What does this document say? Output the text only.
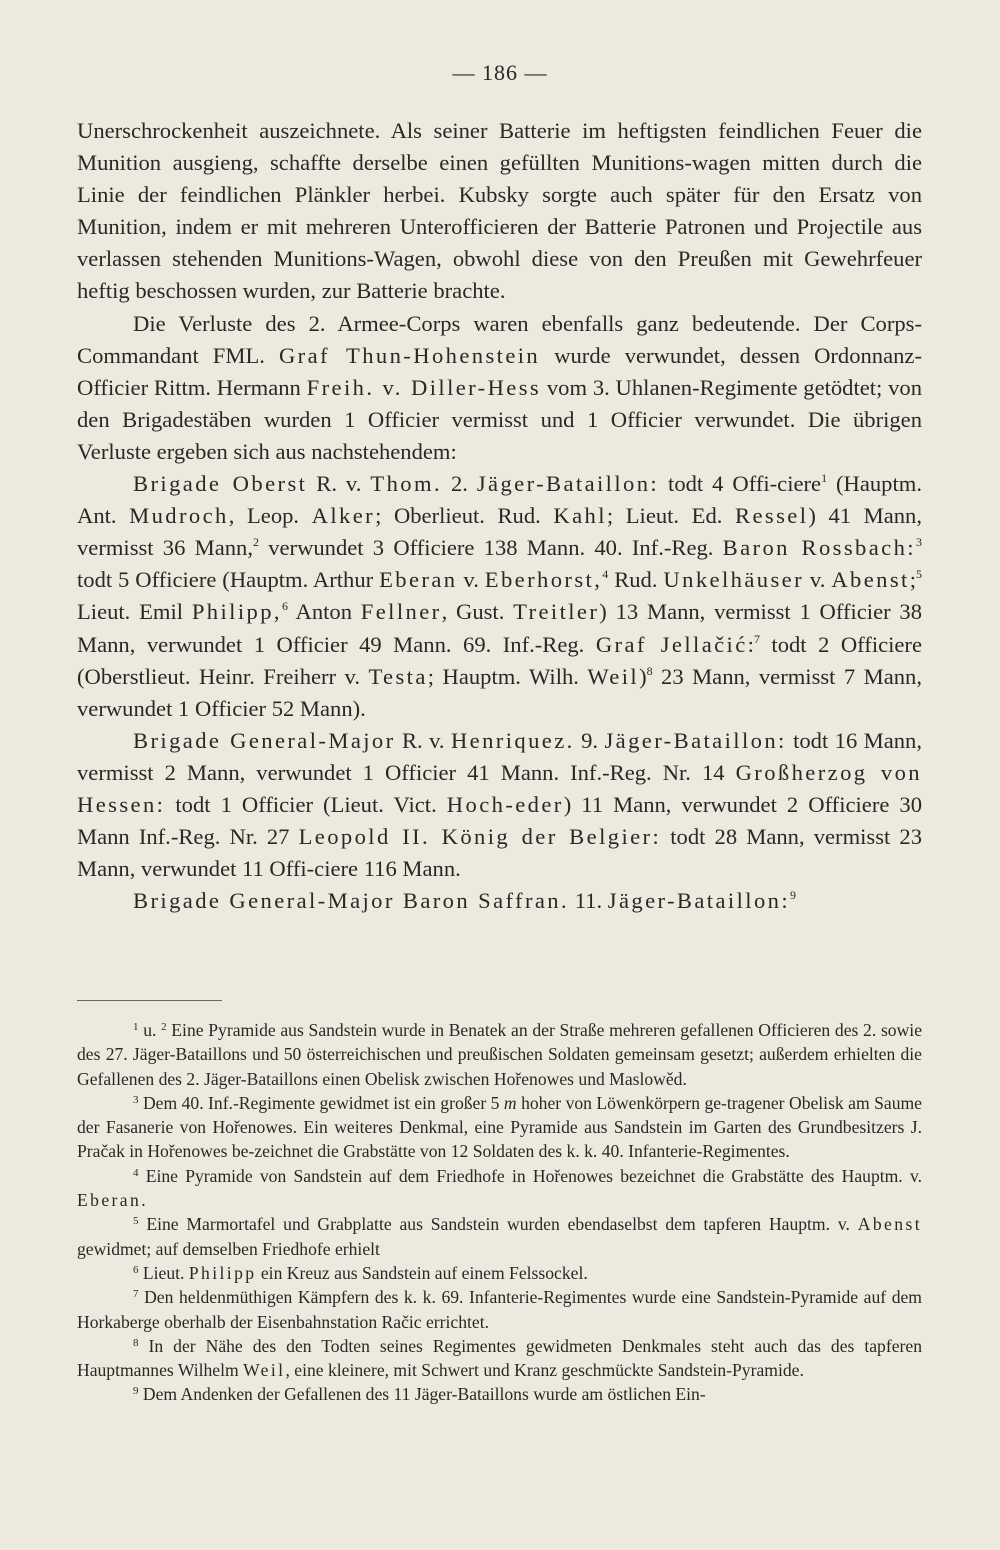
— 186 —

Unerschrockenheit auszeichnete. Als seiner Batterie im heftigsten feindlichen Feuer die Munition ausgieng, schaffte derselbe einen gefüllten Munitions-wagen mitten durch die Linie der feindlichen Plänkler herbei. Kubsky sorgte auch später für den Ersatz von Munition, indem er mit mehreren Unterofficieren der Batterie Patronen und Projectile aus verlassen stehenden Munitions-Wagen, obwohl diese von den Preußen mit Gewehrfeuer heftig beschossen wurden, zur Batterie brachte.

Die Verluste des 2. Armee-Corps waren ebenfalls ganz bedeutende. Der Corps-Commandant FML. Graf Thun-Hohenstein wurde verwundet, dessen Ordonnanz-Officier Rittm. Hermann Freih. v. Diller-Hess vom 3. Uhlanen-Regimente getödtet; von den Brigadestäben wurden 1 Officier vermisst und 1 Officier verwundet. Die übrigen Verluste ergeben sich aus nachstehendem:

Brigade Oberst R. v. Thom. 2. Jäger-Bataillon: todt 4 Offi-ciere$^1$ (Hauptm. Ant. Mudroch, Leop. Alker; Oberlieut. Rud. Kahl; Lieut. Ed. Ressel) 41 Mann, vermisst 36 Mann,$^2$ verwundet 3 Officiere 138 Mann. 40. Inf.-Reg. Baron Rossbach:$^3$ todt 5 Officiere (Hauptm. Arthur Eberan v. Eberhorst,$^4$ Rud. Unkelhäuser v. Abenst;$^5$ Lieut. Emil Philipp,$^6$ Anton Fellner, Gust. Treitler) 13 Mann, vermisst 1 Officier 38 Mann, verwundet 1 Officier 49 Mann. 69. Inf.-Reg. Graf Jellačić:$^7$ todt 2 Officiere (Oberstlieut. Heinr. Freiherr v. Testa; Hauptm. Wilh. Weil)$^8$ 23 Mann, vermisst 7 Mann, verwundet 1 Officier 52 Mann).

Brigade General-Major R. v. Henriquez. 9. Jäger-Bataillon: todt 16 Mann, vermisst 2 Mann, verwundet 1 Officier 41 Mann. Inf.-Reg. Nr. 14 Großherzog von Hessen: todt 1 Officier (Lieut. Vict. Hoch-eder) 11 Mann, verwundet 2 Officiere 30 Mann Inf.-Reg. Nr. 27 Leopold II. König der Belgier: todt 28 Mann, vermisst 23 Mann, verwundet 11 Offi-ciere 116 Mann.

Brigade General-Major Baron Saffran. 11. Jäger-Bataillon:$^9$

$^1$ u. $^2$ Eine Pyramide aus Sandstein wurde in Benatek an der Straße mehreren gefallenen Officieren des 2. sowie des 27. Jäger-Bataillons und 50 österreichischen und preußischen Soldaten gemeinsam gesetzt; außerdem erhielten die Gefallenen des 2. Jäger-Bataillons einen Obelisk zwischen Hořenowes und Maslowěd.

$^3$ Dem 40. Inf.-Regimente gewidmet ist ein großer 5 m hoher von Löwenkörpern ge-tragener Obelisk am Saume der Fasanerie von Hořenowes. Ein weiteres Denkmal, eine Pyramide aus Sandstein im Garten des Grundbesitzers J. Pračak in Hořenowes be-zeichnet die Grabstätte von 12 Soldaten des k. k. 40. Infanterie-Regimentes.

$^4$ Eine Pyramide von Sandstein auf dem Friedhofe in Hořenowes bezeichnet die Grabstätte des Hauptm. v. Eberan.

$^5$ Eine Marmortafel und Grabplatte aus Sandstein wurden ebendaselbst dem tapferen Hauptm. v. Abenst gewidmet; auf demselben Friedhofe erhielt

$^6$ Lieut. Philipp ein Kreuz aus Sandstein auf einem Felssockel.

$^7$ Den heldenmüthigen Kämpfern des k. k. 69. Infanterie-Regimentes wurde eine Sandstein-Pyramide auf dem Horkaberge oberhalb der Eisenbahnstation Račic errichtet.

$^8$ In der Nähe des den Todten seines Regimentes gewidmeten Denkmales steht auch das des tapferen Hauptmannes Wilhelm Weil, eine kleinere, mit Schwert und Kranz geschmückte Sandstein-Pyramide.

$^9$ Dem Andenken der Gefallenen des 11 Jäger-Bataillons wurde am östlichen Ein-
